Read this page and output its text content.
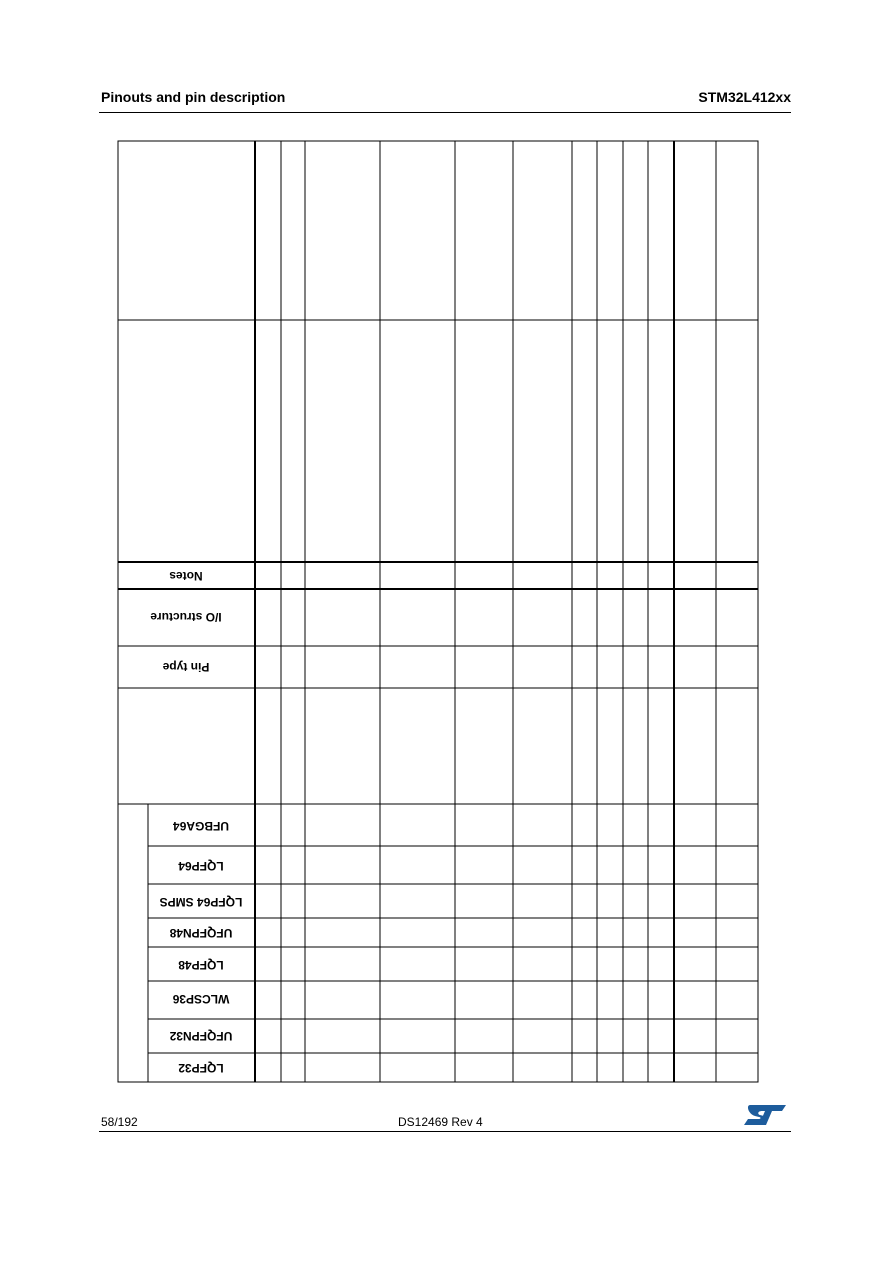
Pinouts and pin description	STM32L412xx
Notes
I/O structure
Pin type
UFBGA64
LQFP64
LQFP64 SMPS
UFQFPN48
LQFP48
WLCSP36
UFQFPN32
LQFP32
58/192	DS12469 Rev 4
